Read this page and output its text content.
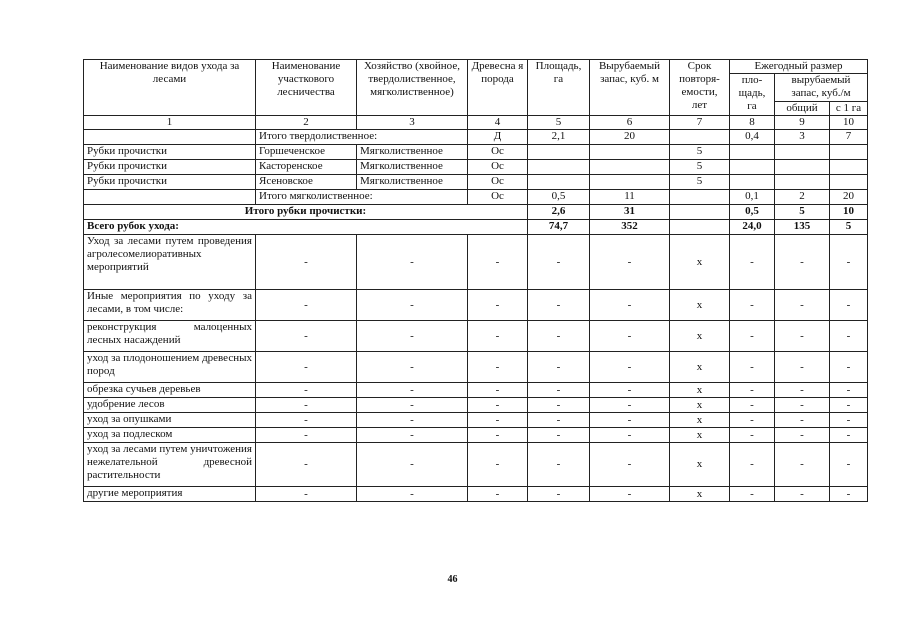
Наименование видов ухода за лесами	Наименование участкового лесничества	Хозяйство (хвойное, твердолиственное, мягколиственное)	Древесна я порода	Площадь, га	Вырубаемый запас, куб. м	Срок повторя-емости, лет	Ежегодный размер		
							пло-щадь, га	вырубаемый запас, куб./м	

								общий	с 1 га
1	2	3	4	5	6	7	8	9	10
	Итого твердолиственное:		Д	2,1	20		0,4	3	7
Рубки прочистки	Горшеченское	Мягколиственное	Ос			5			
Рубки прочистки	Касторенское	Мягколиственное	Ос			5			
Рубки прочистки	Ясеновское	Мягколиственное	Ос			5			
	Итого мягколиственное:		Ос	0,5	11		0,1	2	20
Итого рубки прочистки:				2,6	31		0,5	5	10
Всего рубок ухода:				74,7	352		24,0	135	5
Уход за лесами путем проведения агролесомелиоративных мероприятий	-	-	-	-	-	х	-	-	-
Иные мероприятия по уходу за лесами, в том числе:	-	-	-	-	-	х	-	-	-
реконструкция малоценных лесных насаждений	-	-	-	-	-	х	-	-	-
уход за плодоношением древесных пород	-	-	-	-	-	х	-	-	-
обрезка сучьев деревьев	-	-	-	-	-	х	-	-	-
удобрение лесов	-	-	-	-	-	х	-	-	-
уход за опушками	-	-	-	-	-	х	-	-	-
уход за подлеском	-	-	-	-	-	х	-	-	-
уход за лесами путем уничтожения нежелательной древесной растительности	-	-	-	-	-	х	-	-	-
другие мероприятия	-	-	-	-	-	х	-	-	-
46
